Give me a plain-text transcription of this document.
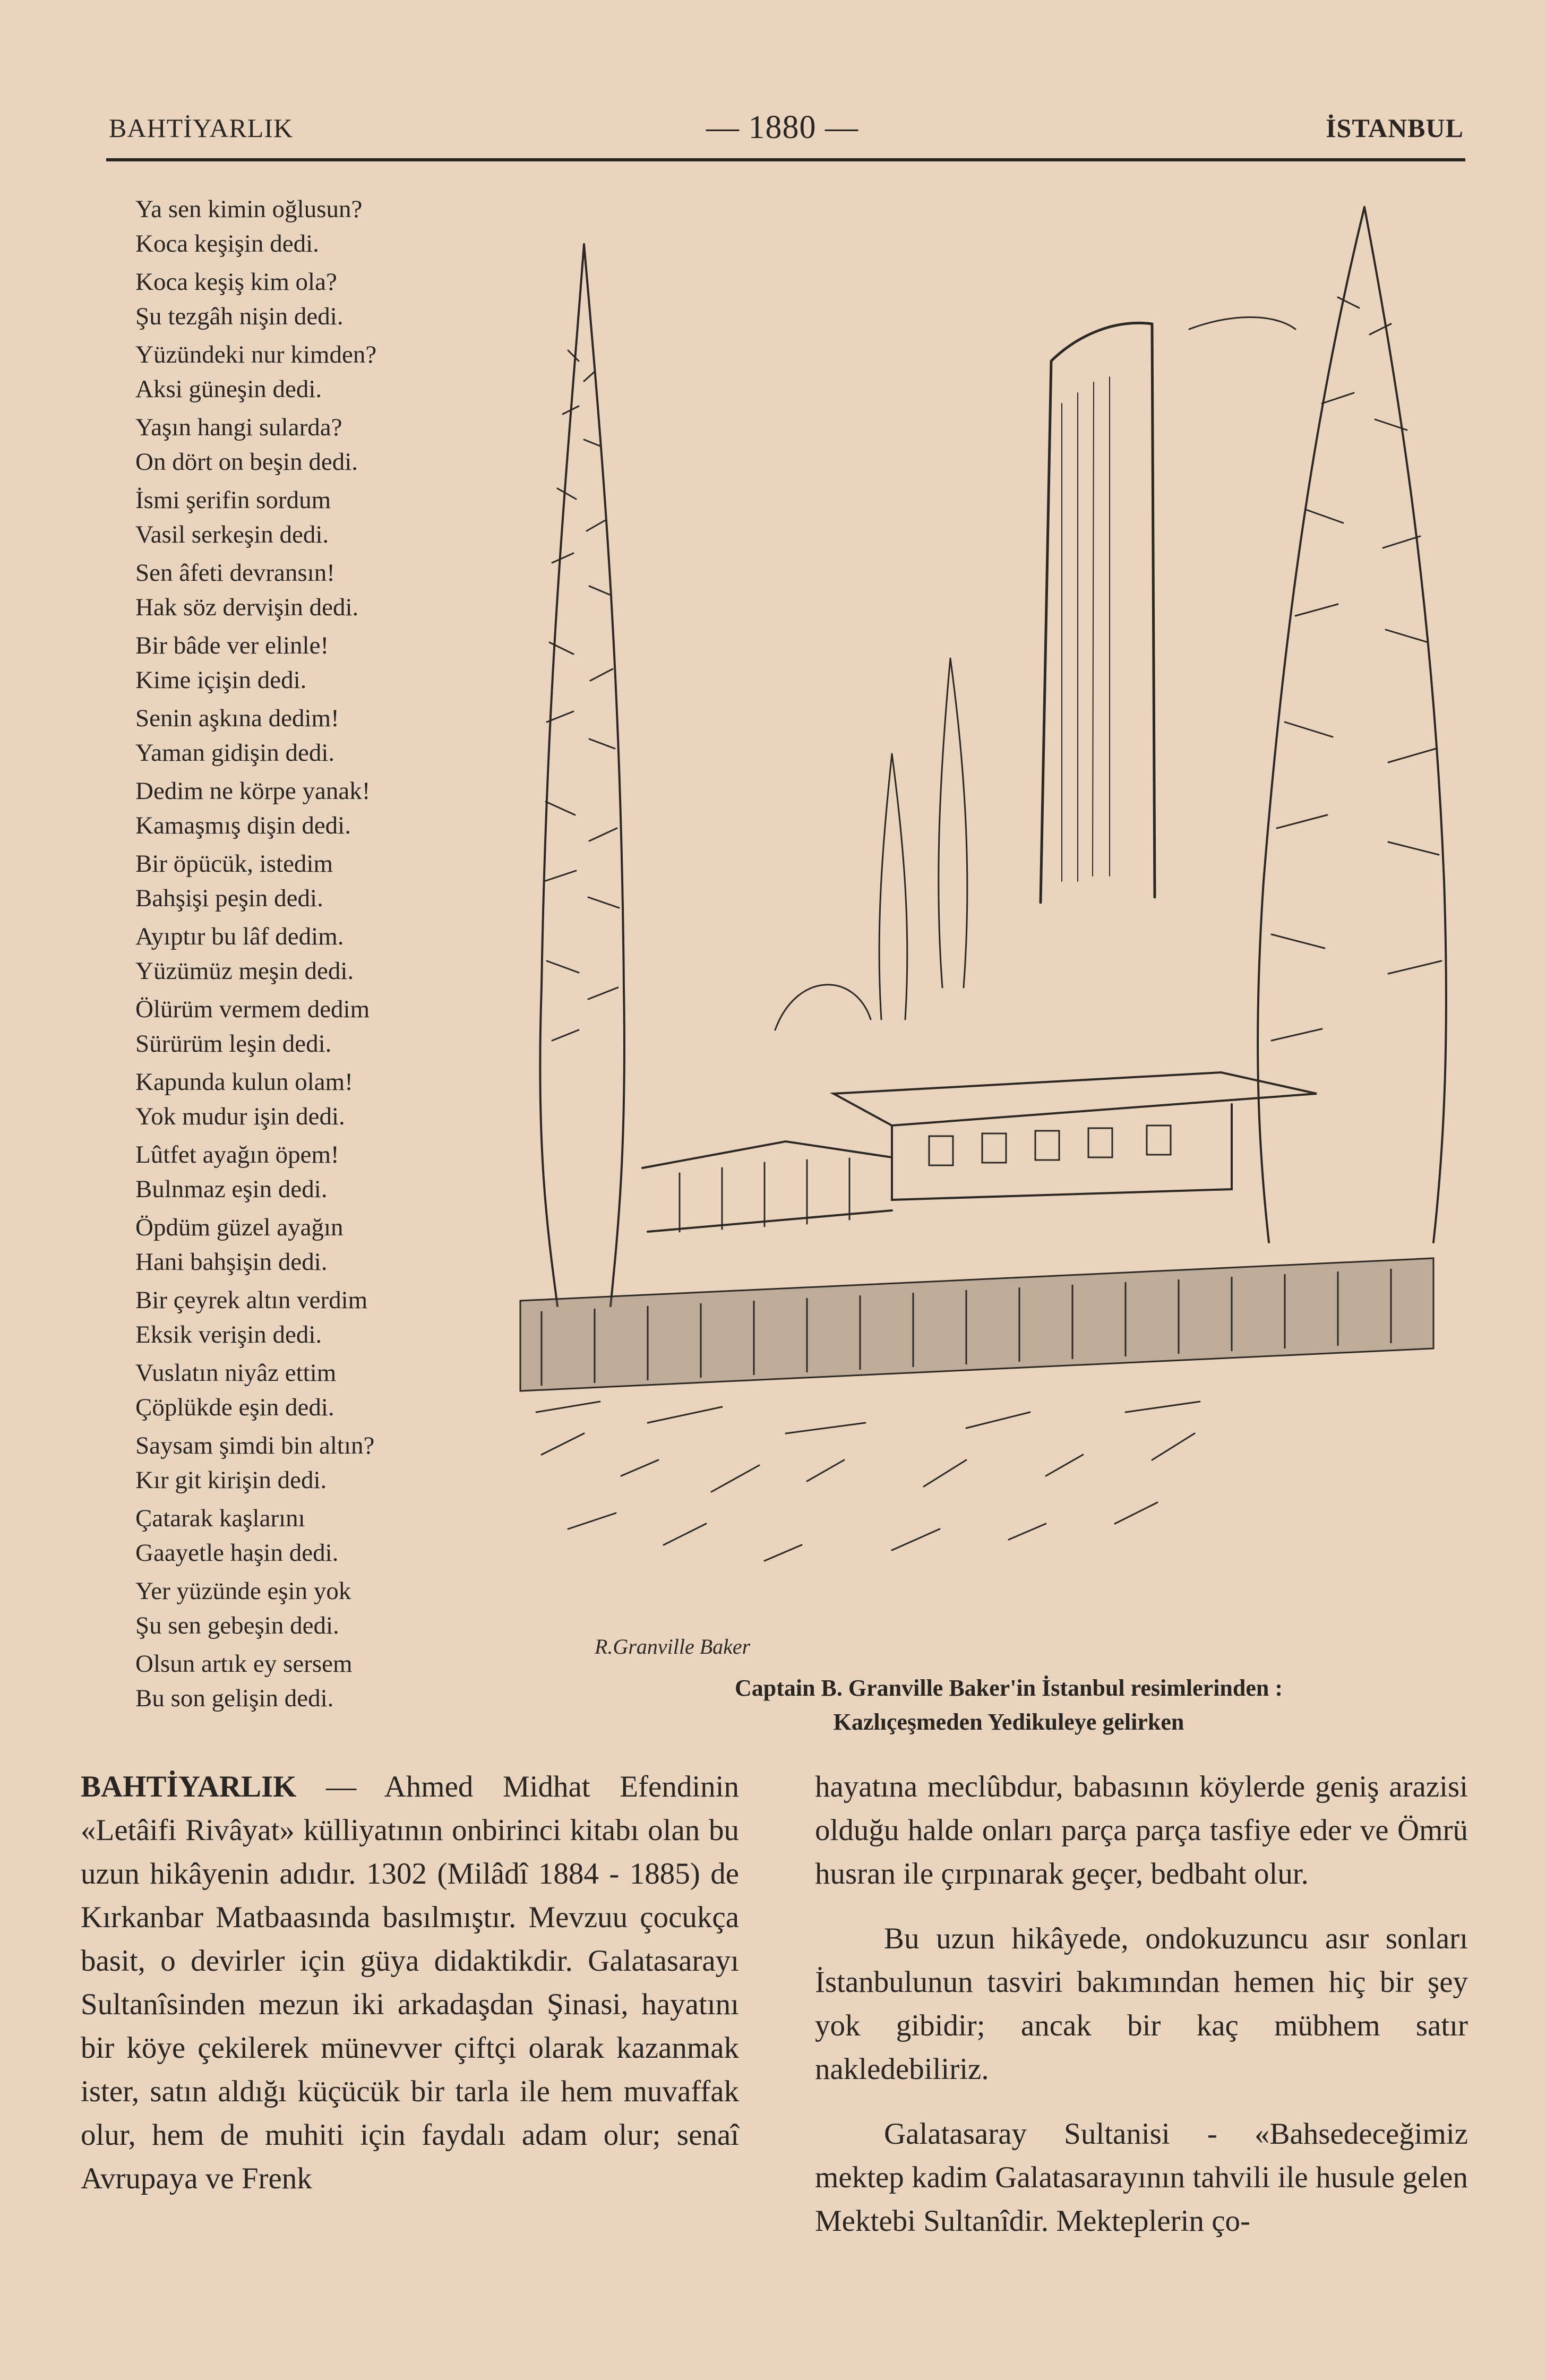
BAHTİYARLIK	— 1880 —	İSTANBUL
Ya sen kimin oğlusun?
Koca keşişin dedi.
Koca keşiş kim ola?
Şu tezgâh nişin dedi.
Yüzündeki nur kimden?
Aksi güneşin dedi.
Yaşın hangi sularda?
On dört on beşin dedi.
İsmi şerifin sordum
Vasil serkeşin dedi.
Sen âfeti devransın!
Hak söz dervişin dedi.
Bir bâde ver elinle!
Kime içişin dedi.
Senin aşkına dedim!
Yaman gidişin dedi.
Dedim ne körpe yanak!
Kamaşmış dişin dedi.
Bir öpücük, istedim
Bahşişi peşin dedi.
Ayıptır bu lâf dedim.
Yüzümüz meşin dedi.
Ölürüm vermem dedim
Sürürüm leşin dedi.
Kapunda kulun olam!
Yok mudur işin dedi.
Lûtfet ayağın öpem!
Bulnmaz eşin dedi.
Öpdüm güzel ayağın
Hani bahşişin dedi.
Bir çeyrek altın verdim
Eksik verişin dedi.
Vuslatın niyâz ettim
Çöplükde eşin dedi.
Saysam şimdi bin altın?
Kır git kirişin dedi.
Çatarak kaşlarını
Gaayetle haşin dedi.
Yer yüzünde eşin yok
Şu sen gebeşin dedi.
Olsun artık ey sersem
Bu son gelişin dedi.
R.Granville Baker
Captain B. Granville Baker'in İstanbul resimlerinden :
Kazlıçeşmeden Yedikuleye gelirken

BAHTİYARLIK — Ahmed Midhat Efendinin «Letâifi Rivâyat» külliyatının onbirinci kitabı olan bu uzun hikâyenin adıdır. 1302 (Milâdî 1884 - 1885) de Kırkanbar Matbaasında basılmıştır. Mevzuu çocukça basit, o devirler için güya didaktikdir. Galatasarayı Sultanîsinden mezun iki arkadaşdan Şinasi, hayatını bir köye çekilerek münevver çiftçi olarak kazanmak ister, satın aldığı küçücük bir tarla ile hem muvaffak olur, hem de muhiti için faydalı adam olur; senaî Avrupaya ve Frenk

hayatına meclûbdur, babasının köylerde geniş arazisi olduğu halde onları parça parça tasfiye eder ve Ömrü husran ile çırpınarak geçer, bedbaht olur.

Bu uzun hikâyede, ondokuzuncu asır sonları İstanbulunun tasviri bakımından hemen hiç bir şey yok gibidir; ancak bir kaç mübhem satır nakledebiliriz.

Galatasaray Sultanisi - «Bahsedeceğimiz mektep kadim Galatasarayının tahvili ile husule gelen Mektebi Sultanîdir. Mekteplerin ço-
